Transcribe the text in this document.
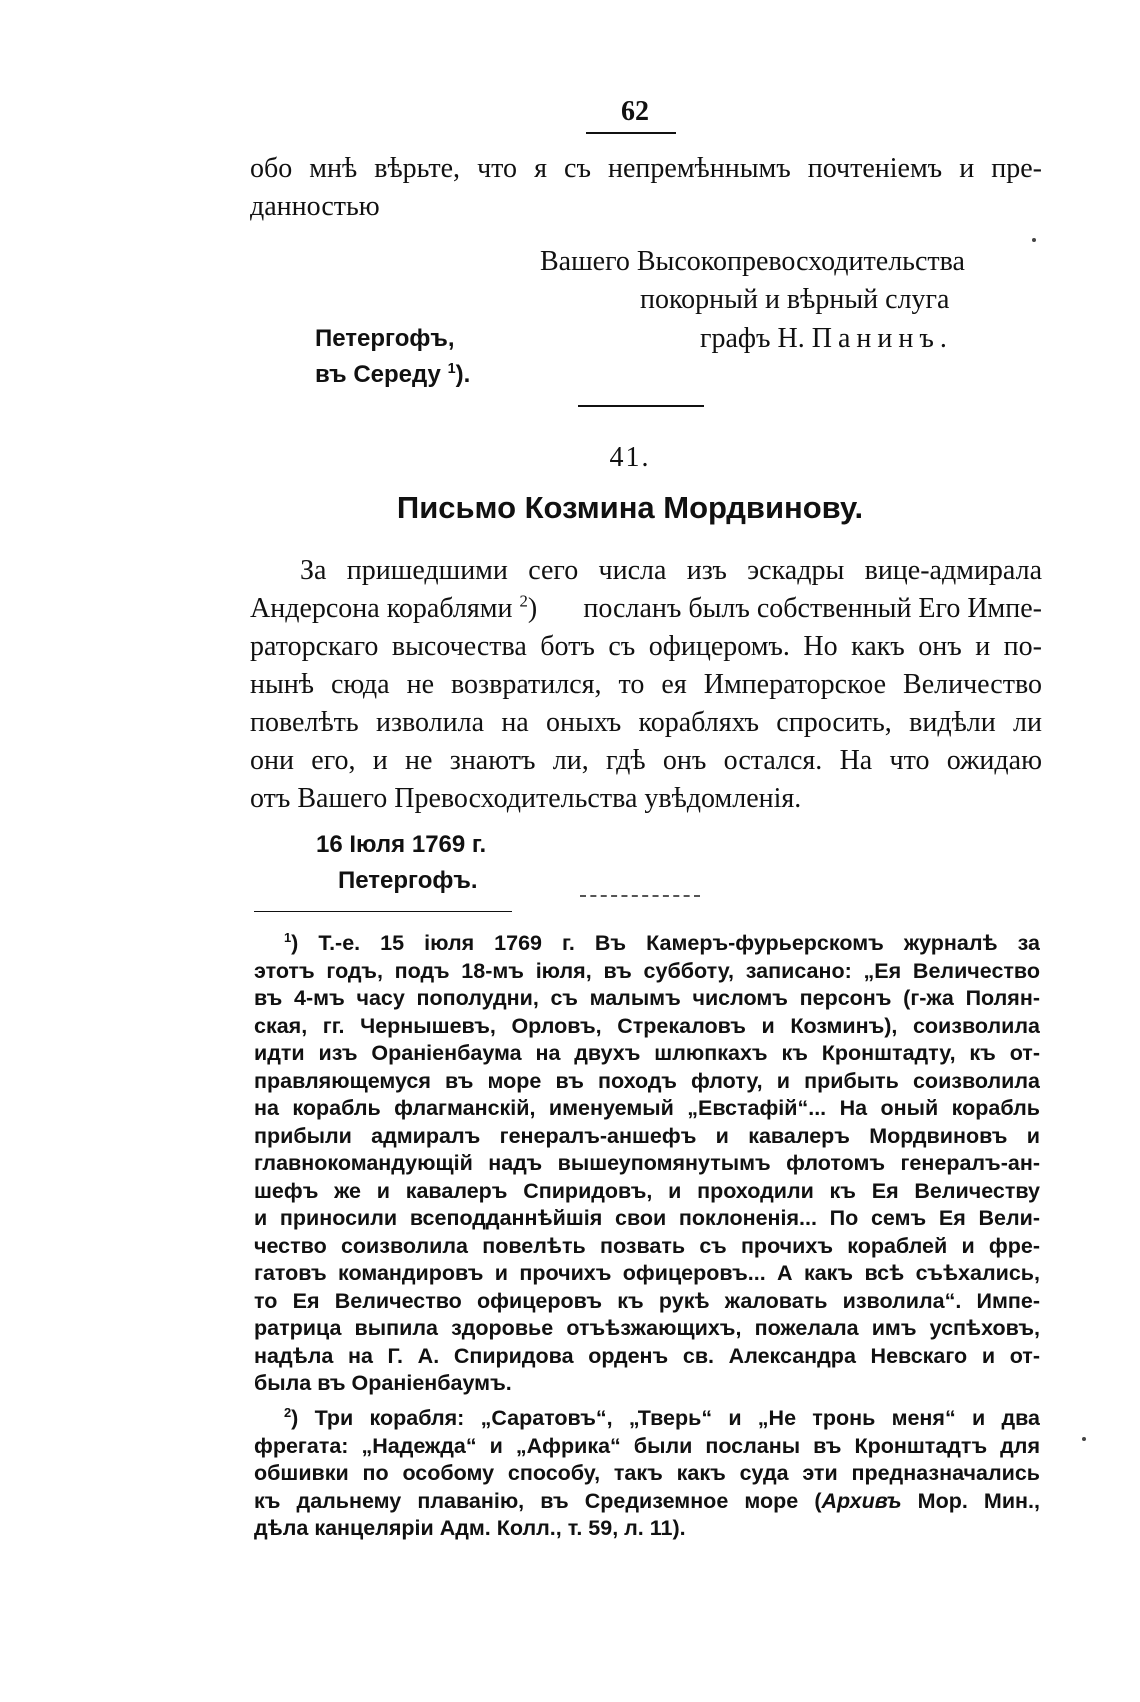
62
обо мнѣ вѣрьте, что я съ непремѣннымъ почтеніемъ и пре-
данностью
Вашего Высокопревосходительства
покорный и вѣрный слуга
графъ Н. Панинъ.
Петергофъ,
въ Середу $^1$).
41.
Письмо Козмина Мордвинову.
За пришедшими сего числа изъ эскадры вице-адмирала
Андерсона кораблями $^2$) посланъ былъ собственный Его Импе-
раторскаго высочества ботъ съ офицеромъ. Но какъ онъ и по-
нынѣ сюда не возвратился, то ея Императорское Величество
повелѣть изволила на оныхъ корабляхъ спросить, видѣли ли
они его, и не знаютъ ли, гдѣ онъ остался. На что ожидаю
отъ Вашего Превосходительства увѣдомленія.
16 Іюля 1769 г.
Петергофъ.
$^1$) Т.-е. 15 іюля 1769 г. Въ Камеръ-фурьерскомъ журналѣ за
этотъ годъ, подъ 18-мъ іюля, въ субботу, записано: „Ея Величество
въ 4-мъ часу пополудни, съ малымъ числомъ персонъ (г-жа Полян-
ская, гг. Чернышевъ, Орловъ, Стрекаловъ и Козминъ), соизволила
идти изъ Ораніенбаума на двухъ шлюпкахъ къ Кронштадту, къ от-
правляющемуся въ море въ походъ флоту, и прибыть соизволила
на корабль флагманскій, именуемый „Евстафій“... На оный корабль
прибыли адмиралъ генералъ-аншефъ и кавалеръ Мордвиновъ и
главнокомандующій надъ вышеупомянутымъ флотомъ генералъ-ан-
шефъ же и кавалеръ Спиридовъ, и проходили къ Ея Величеству
и приносили всеподданнѣйшія свои поклоненія... По семъ Ея Вели-
чество соизволила повелѣть позвать съ прочихъ кораблей и фре-
гатовъ командировъ и прочихъ офицеровъ... А какъ всѣ съѣхались,
то Ея Величество офицеровъ къ рукѣ жаловать изволила“. Импе-
ратрица выпила здоровье отъѣзжающихъ, пожелала имъ успѣховъ,
надѣла на Г. А. Спиридова орденъ св. Александра Невскаго и от-
была въ Ораніенбаумъ.
$^2$) Три корабля: „Саратовъ“, „Тверь“ и „Не тронь меня“ и два
фрегата: „Надежда“ и „Африка“ были посланы въ Кронштадтъ для
обшивки по особому способу, такъ какъ суда эти предназначались
къ дальнему плаванію, въ Средиземное море (Архивъ Мор. Мин.,
дѣла канцеляріи Адм. Колл., т. 59, л. 11).
